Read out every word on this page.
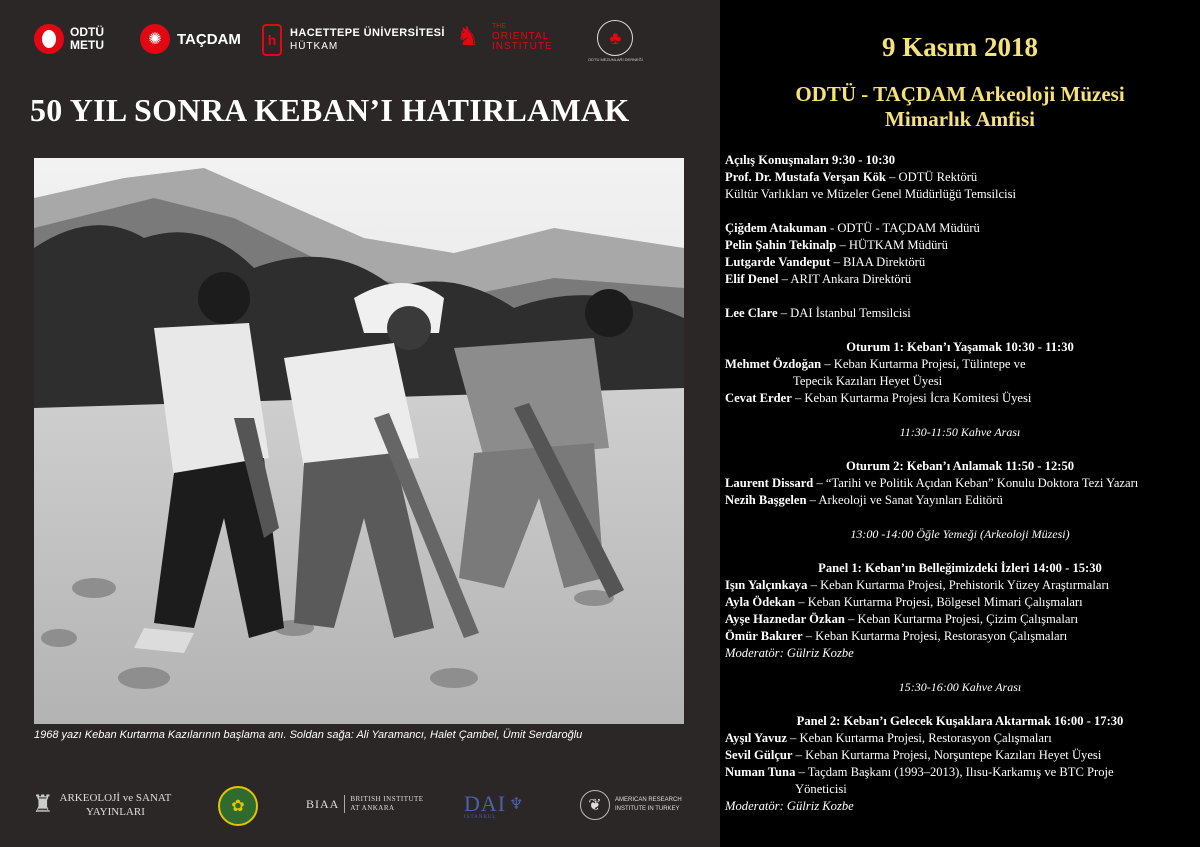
ODTÜ
METU	✺	TAÇDAM	h	HACETTEPE ÜNİVERSİTESİ
HÜTKAM	♞	THE
ORIENTAL
INSTITUTE	♣
ODTÜ MEZUNLARI DERNEĞİ
50 YIL SONRA KEBAN’I HATIRLAMAK
1968 yazı Keban Kurtarma Kazılarının başlama anı. Soldan sağa: Ali Yaramancı, Halet Çambel, Ümit Serdaroğlu
♜ ARKEOLOJİ ve SANAT
YAYINLARI	✿	BIAA BRITISH INSTITUTE
AT ANKARA	DAI ♆
ISTANBUL
❦	AMERICAN RESEARCH
INSTITUTE IN TURKEY
9 Kasım 2018
ODTÜ - TAÇDAM Arkeoloji Müzesi
Mimarlık Amfisi
Açılış Konuşmaları 9:30 - 10:30
Prof. Dr. Mustafa Verşan Kök – ODTÜ Rektörü
Kültür Varlıkları ve Müzeler Genel Müdürlüğü Temsilcisi
Çiğdem Atakuman - ODTÜ - TAÇDAM Müdürü
Pelin Şahin Tekinalp – HÜTKAM Müdürü
Lutgarde Vandeput – BIAA Direktörü
Elif Denel – ARIT Ankara Direktörü
Lee Clare – DAI İstanbul Temsilcisi
Oturum 1: Keban’ı Yaşamak 10:30 - 11:30
Mehmet Özdoğan – Keban Kurtarma Projesi, Tülintepe ve
Tepecik Kazıları Heyet Üyesi
Cevat Erder – Keban Kurtarma Projesi İcra Komitesi Üyesi
11:30-11:50 Kahve Arası
Oturum 2: Keban’ı Anlamak 11:50 - 12:50
Laurent Dissard – “Tarihi ve Politik Açıdan Keban” Konulu Doktora Tezi Yazarı
Nezih Başgelen – Arkeoloji ve Sanat Yayınları Editörü
13:00 -14:00 Öğle Yemeği (Arkeoloji Müzesi)
Panel 1: Keban’ın Belleğimizdeki İzleri 14:00 - 15:30
Işın Yalçınkaya – Keban Kurtarma Projesi, Prehistorik Yüzey Araştırmaları
Ayla Ödekan – Keban Kurtarma Projesi, Bölgesel Mimari Çalışmaları
Ayşe Haznedar Özkan – Keban Kurtarma Projesi, Çizim Çalışmaları
Ömür Bakırer – Keban Kurtarma Projesi, Restorasyon Çalışmaları
Moderatör: Gülriz Kozbe
15:30-16:00 Kahve Arası
Panel 2: Keban’ı Gelecek Kuşaklara Aktarmak 16:00 - 17:30
Ayşıl Yavuz – Keban Kurtarma Projesi, Restorasyon Çalışmaları
Sevil Gülçur – Keban Kurtarma Projesi, Norşuntepe Kazıları Heyet Üyesi
Numan Tuna – Taçdam Başkanı (1993–2013), Ilısu-Karkamış ve BTC Proje
Yöneticisi
Moderatör: Gülriz Kozbe
